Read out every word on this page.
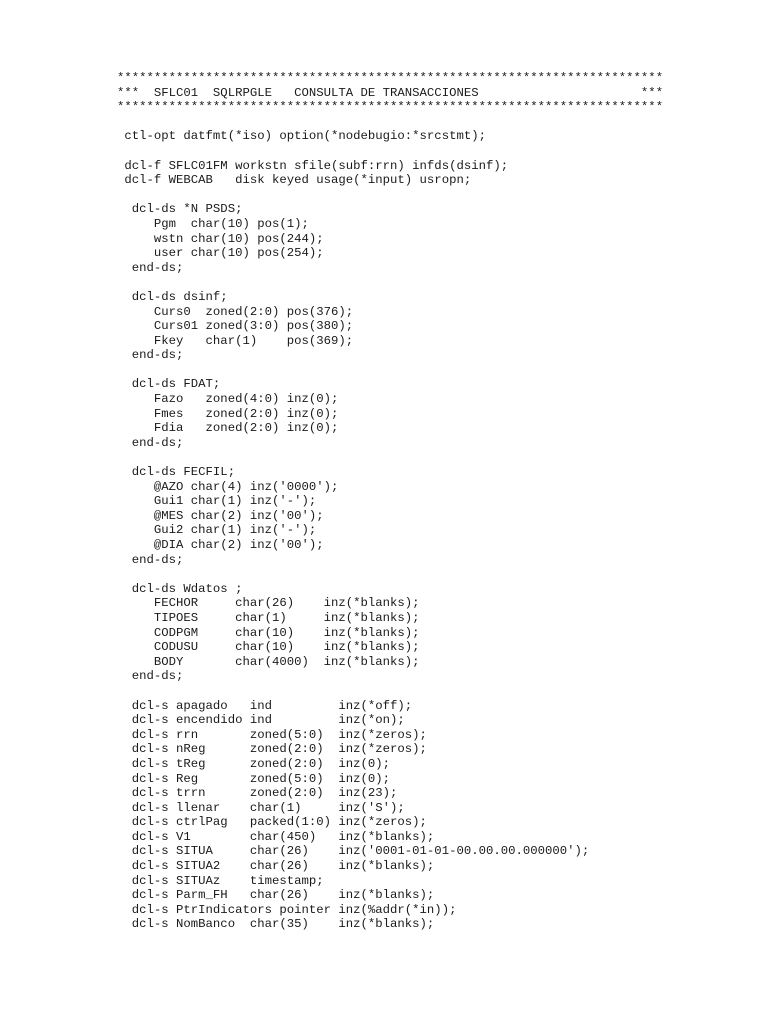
**************************************************************************
***  SFLC01  SQLRPGLE   CONSULTA DE TRANSACCIONES                      ***
**************************************************************************
ctl-opt datfmt(*iso) option(*nodebugio:*srcstmt);
dcl-f SFLC01FM workstn sfile(subf:rrn) infds(dsinf);
dcl-f WEBCAB   disk keyed usage(*input) usropn;
dcl-ds *N PSDS;
Pgm  char(10) pos(1);
wstn char(10) pos(244);
user char(10) pos(254);
end-ds;
dcl-ds dsinf;
Curs0  zoned(2:0) pos(376);
Curs01 zoned(3:0) pos(380);
Fkey   char(1)    pos(369);
end-ds;
dcl-ds FDAT;
Fazo   zoned(4:0) inz(0);
Fmes   zoned(2:0) inz(0);
Fdia   zoned(2:0) inz(0);
end-ds;
dcl-ds FECFIL;
@AZO char(4) inz('0000');
Gui1 char(1) inz('-');
@MES char(2) inz('00');
Gui2 char(1) inz('-');
@DIA char(2) inz('00');
end-ds;
dcl-ds Wdatos ;
FECHOR     char(26)    inz(*blanks);
TIPOES     char(1)     inz(*blanks);
CODPGM     char(10)    inz(*blanks);
CODUSU     char(10)    inz(*blanks);
BODY       char(4000)  inz(*blanks);
end-ds;
dcl-s apagado   ind         inz(*off);
dcl-s encendido ind         inz(*on);
dcl-s rrn       zoned(5:0)  inz(*zeros);
dcl-s nReg      zoned(2:0)  inz(*zeros);
dcl-s tReg      zoned(2:0)  inz(0);
dcl-s Reg       zoned(5:0)  inz(0);
dcl-s trrn      zoned(2:0)  inz(23);
dcl-s llenar    char(1)     inz('S');
dcl-s ctrlPag   packed(1:0) inz(*zeros);
dcl-s V1        char(450)   inz(*blanks);
dcl-s SITUA     char(26)    inz('0001-01-01-00.00.00.000000');
dcl-s SITUA2    char(26)    inz(*blanks);
dcl-s SITUAz    timestamp;
dcl-s Parm_FH   char(26)    inz(*blanks);
dcl-s PtrIndicators pointer inz(%addr(*in));
dcl-s NomBanco  char(35)    inz(*blanks);
